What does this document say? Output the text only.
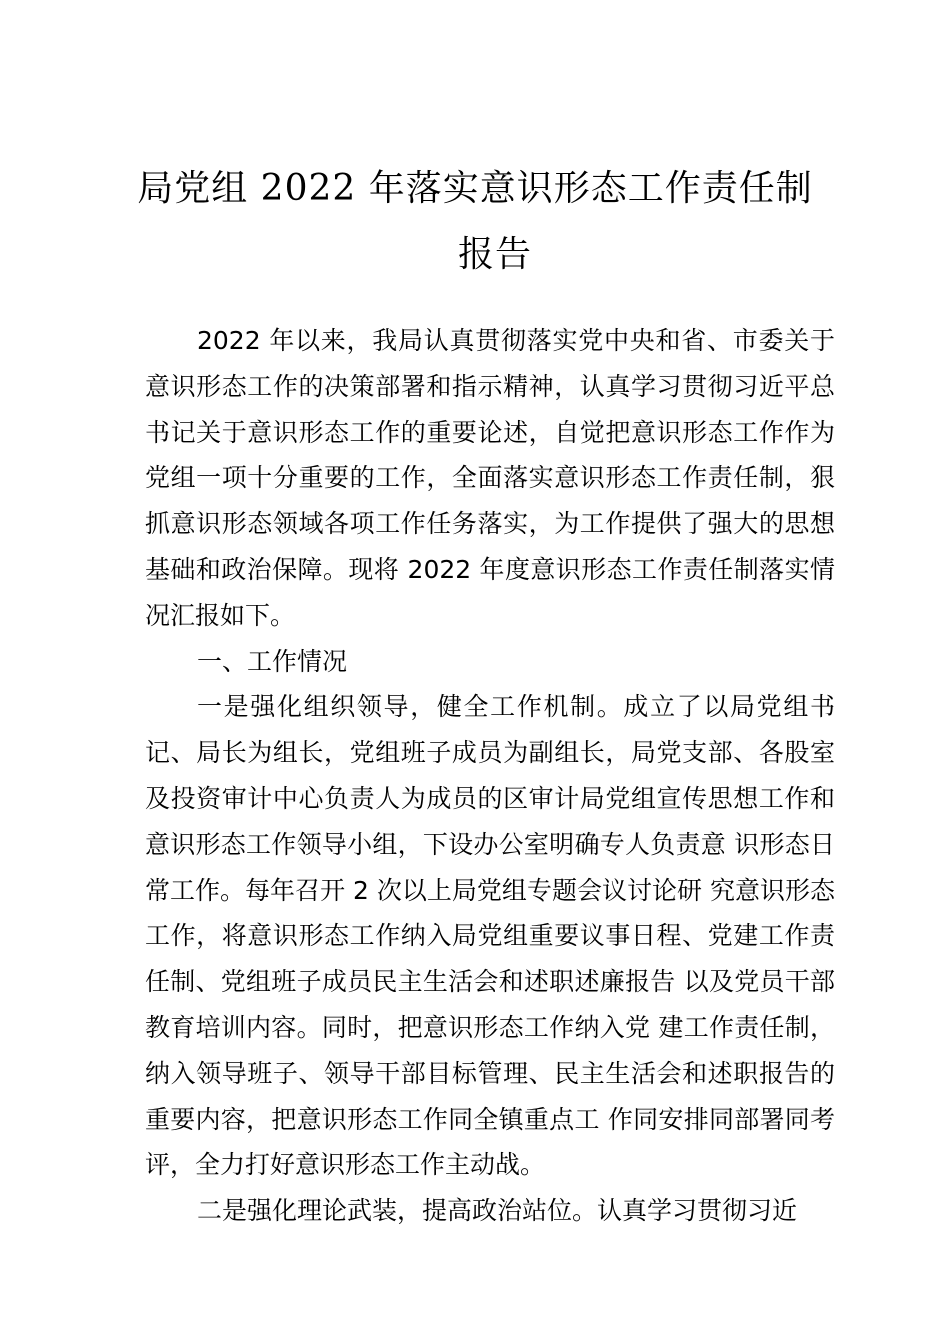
局党组 2022 年落实意识形态工作责任制
报告

2022 年以来，我局认真贯彻落实党中央和省、市委关于意识形态工作的决策部署和指示精神，认真学习贯彻习近平总书记关于意识形态工作的重要论述，自觉把意识形态工作作为党组一项十分重要的工作，全面落实意识形态工作责任制，狠抓意识形态领域各项工作任务落实，为工作提供了强大的思想基础和政治保障。现将 2022 年度意识形态工作责任制落实情况汇报如下。

一、工作情况

一是强化组织领导，健全工作机制。成立了以局党组书记、局长为组长，党组班子成员为副组长，局党支部、各股室及投资审计中心负责人为成员的区审计局党组宣传思想工作和意识形态工作领导小组，下设办公室明确专人负责意 识形态日常工作。每年召开 2 次以上局党组专题会议讨论研 究意识形态工作，将意识形态工作纳入局党组重要议事日程、党建工作责任制、党组班子成员民主生活会和述职述廉报告 以及党员干部教育培训内容。同时，把意识形态工作纳入党 建工作责任制，纳入领导班子、领导干部目标管理、民主生活会和述职报告的重要内容，把意识形态工作同全镇重点工 作同安排同部署同考评，全力打好意识形态工作主动战。

二是强化理论武装，提高政治站位。认真学习贯彻习近
